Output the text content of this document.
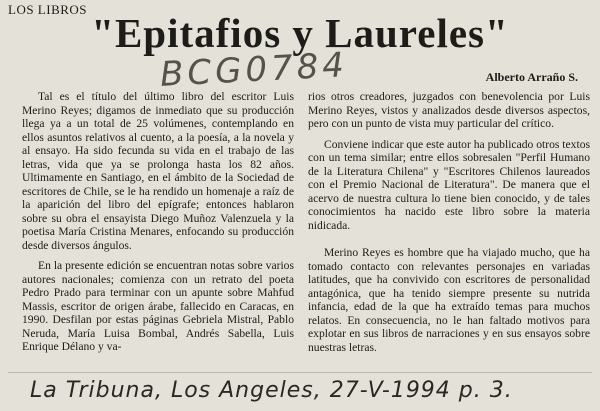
LOS LIBROS
"Epitafios y Laureles"
BCG0784	Alberto Arraño S.

Tal es el título del último libro del escritor Luis Merino Reyes; digamos de inmediato que su producción llega ya a un total de 25 volúmenes, contemplando en ellos asuntos relativos al cuento, a la poesía, a la novela y al ensayo. Ha sido fecunda su vida en el trabajo de las letras, vida que ya se prolonga hasta los 82 años. Ultimamente en Santiago, en el ámbito de la Sociedad de escritores de Chile, se le ha rendido un homenaje a raíz de la aparición del libro del epígrafe; entonces hablaron sobre su obra el ensayista Diego Muñoz Valenzuela y la poetisa María Cristina Menares, enfocando su producción desde diversos ángulos.

En la presente edición se encuentran notas sobre varios autores nacionales; comienza con un retrato del poeta Pedro Prado para terminar con un apunte sobre Mahfud Massis, escritor de origen árabe, fallecido en Caracas, en 1990. Desfilan por estas páginas Gebriela Mistral, Pablo Neruda, María Luisa Bombal, Andrés Sabella, Luis Enrique Délano y va-

rios otros creadores, juzgados con benevolencia por Luis Merino Reyes, vistos y analizados desde diversos aspectos, pero con un punto de vista muy particular del crítico.

Conviene indicar que este autor ha publicado otros textos con un tema similar; entre ellos sobresalen "Perfil Humano de la Literatura Chilena" y "Escritores Chilenos laureados con el Premio Nacional de Literatura". De manera que el acervo de nuestra cultura lo tiene bien conocido, y de tales conocimientos ha nacido este libro sobre la materia nidicada.

Merino Reyes es hombre que ha viajado mucho, que ha tomado contacto con relevantes personajes en variadas latitudes, que ha convivido con escritores de personalidad antagónica, que ha tenido siempre presente su nutrida infancia, edad de la que ha extraído temas para muchos relatos. En consecuencia, no le han faltado motivos para explotar en sus libros de narraciones y en sus ensayos sobre nuestras letras.

La Tribuna, Los Angeles, 27-V-1994 p. 3.
